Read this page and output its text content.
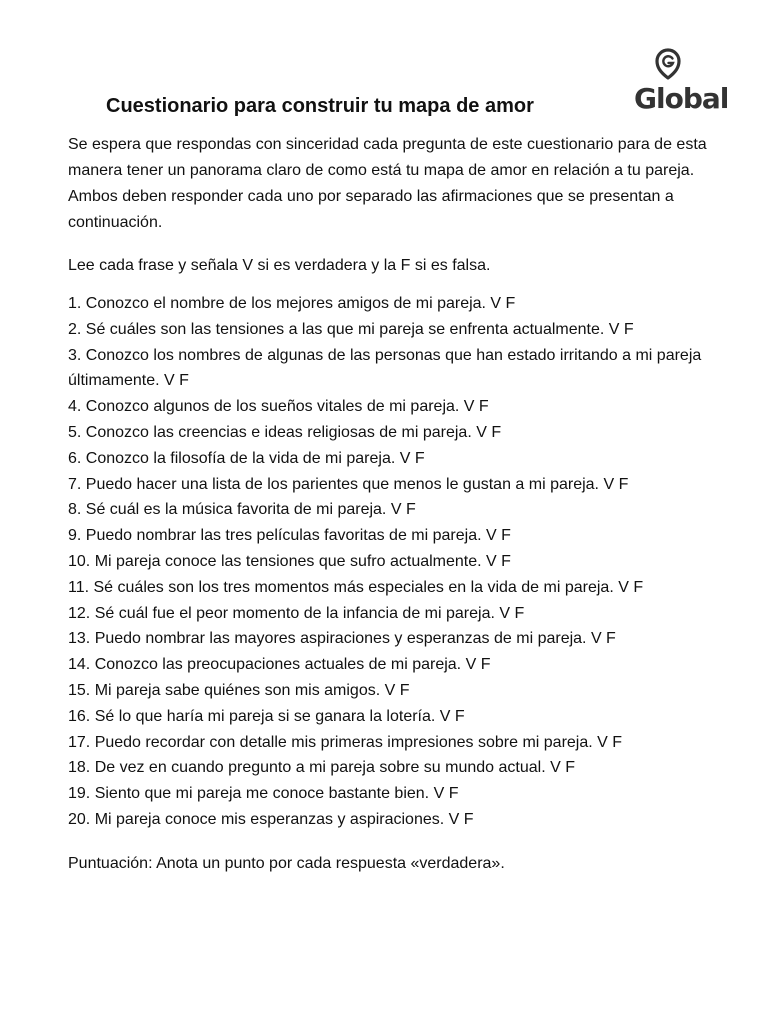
Global
Cuestionario para construir tu mapa de amor

Se espera que respondas con sinceridad cada pregunta de este cuestionario para de esta manera tener un panorama claro de como está tu mapa de amor en relación a tu pareja. Ambos deben responder cada uno por separado las afirmaciones que se presentan a continuación.

Lee cada frase y señala V si es verdadera y la F si es falsa.

1. Conozco el nombre de los mejores amigos de mi pareja. V F
2. Sé cuáles son las tensiones a las que mi pareja se enfrenta actualmente. V F
3. Conozco los nombres de algunas de las personas que han estado irritando a mi pareja últimamente. V F
4. Conozco algunos de los sueños vitales de mi pareja. V F
5. Conozco las creencias e ideas religiosas de mi pareja. V F
6. Conozco la filosofía de la vida de mi pareja. V F
7. Puedo hacer una lista de los parientes que menos le gustan a mi pareja. V F
8. Sé cuál es la música favorita de mi pareja. V F
9. Puedo nombrar las tres películas favoritas de mi pareja. V F
10. Mi pareja conoce las tensiones que sufro actualmente. V F
11. Sé cuáles son los tres momentos más especiales en la vida de mi pareja. V F
12. Sé cuál fue el peor momento de la infancia de mi pareja. V F
13. Puedo nombrar las mayores aspiraciones y esperanzas de mi pareja. V F
14. Conozco las preocupaciones actuales de mi pareja. V F
15. Mi pareja sabe quiénes son mis amigos. V F
16. Sé lo que haría mi pareja si se ganara la lotería. V F
17. Puedo recordar con detalle mis primeras impresiones sobre mi pareja. V F
18. De vez en cuando pregunto a mi pareja sobre su mundo actual. V F
19. Siento que mi pareja me conoce bastante bien. V F
20. Mi pareja conoce mis esperanzas y aspiraciones. V F

Puntuación: Anota un punto por cada respuesta «verdadera».
